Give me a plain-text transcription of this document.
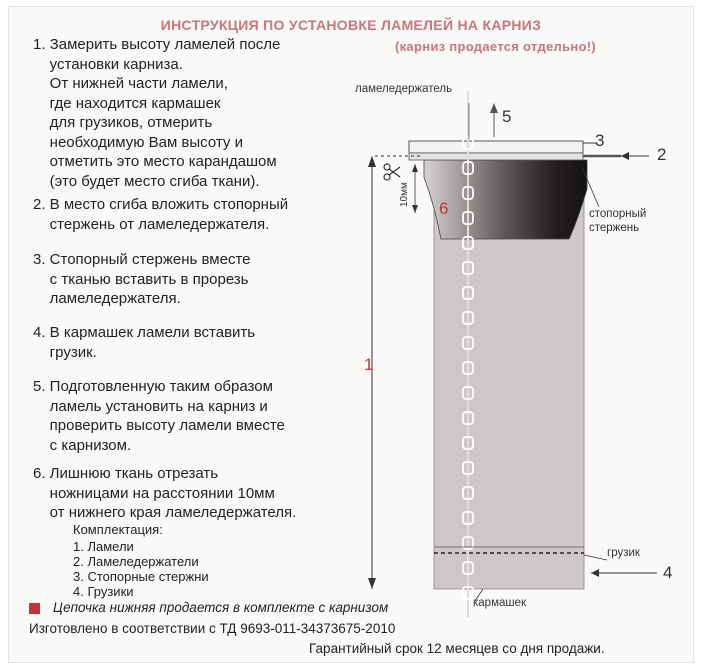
ИНСТРУКЦИЯ ПО УСТАНОВКЕ ЛАМЕЛЕЙ НА КАРНИЗ
(карниз продается отдельно!)
1. Замерить высоту ламелей после
установки карниза.
От нижней части ламели,
где находится кармашек
для грузиков, отмерить
необходимую Вам высоту и
отметить это место карандашом
(это будет место сгиба ткани).
2. В место сгиба вложить стопорный
стержень от ламеледержателя.
3. Стопорный стержень вместе
с тканью вставить в прорезь
ламеледержателя.
4. В кармашек ламели вставить
грузик.
5. Подготовленную таким образом
ламель установить на карниз и
проверить высоту ламели вместе
с карнизом.
6. Лишнюю ткань отрезать
ножницами на расстоянии 10мм
от нижнего края ламеледержателя.
Комплектация:
1. Ламели
2. Ламеледержатели
3. Стопорные стержни
4. Грузики
Цепочка нижняя продается в комплекте с карнизом
Изготовлено в соответствии с ТД 9693-011-34373675-2010
Гарантийный срок 12 месяцев со дня продажи.
ламеледержатель
5
3
2
стопорный
стержень
6
10мм
1
грузик
4
кармашек
